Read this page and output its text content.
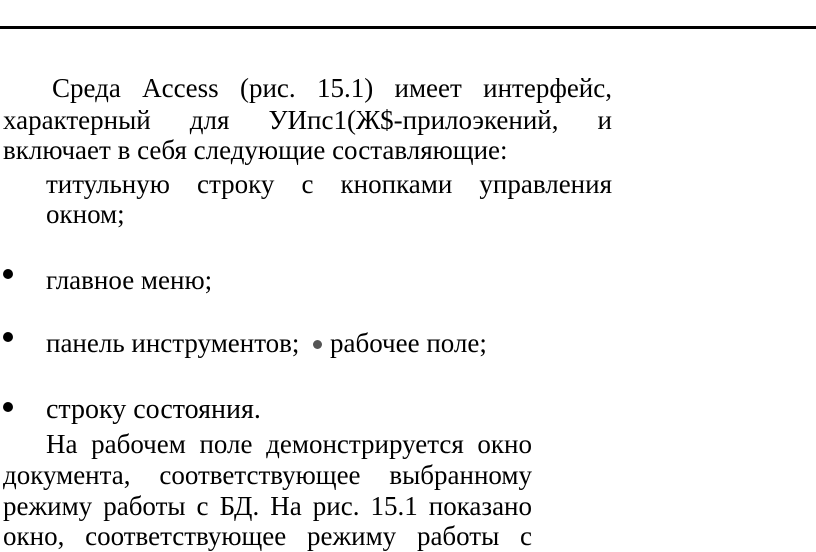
Среда Access (рис. 15.1) имеет интерфейс,
характерный для УИпс1(Ж$-прилоэкений, и
включает в себя следующие составляющие:
титульную строку с кнопками управления
окном;
главное меню;
панель инструментов; рабочее поле;
строку состояния.
На рабочем поле демонстрируется окно
документа, соответствующее выбранному
режиму работы с БД. На рис. 15.1 показано
окно, соответствующее режиму работы с
